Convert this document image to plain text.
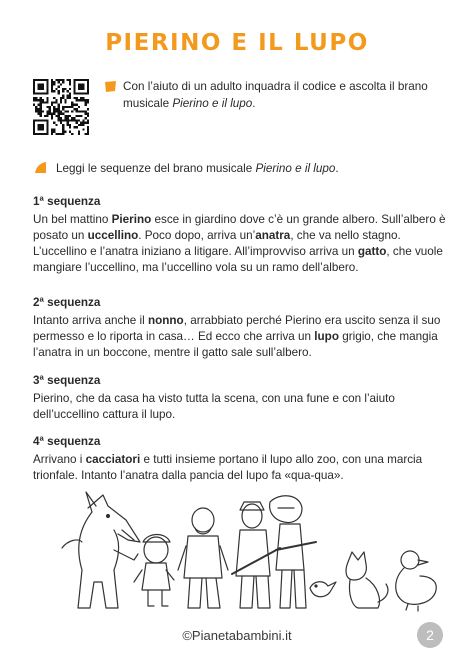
PIERINO E IL LUPO
Con l’aiuto di un adulto inquadra il codice e ascolta il brano musicale Pierino e il lupo.
Leggi le sequenze del brano musicale Pierino e il lupo.
1ª sequenza

Un bel mattino Pierino esce in giardino dove c’è un grande albero. Sull’albero è posato un uccellino. Poco dopo, arriva un’anatra, che va nello stagno. L’uccellino e l’anatra iniziano a litigare. All’improvviso arriva un gatto, che vuole mangiare l’uccellino, ma l’uccellino vola su un ramo dell’albero.

2ª sequenza

Intanto arriva anche il nonno, arrabbiato perché Pierino era uscito senza il suo permesso e lo riporta in casa… Ed ecco che arriva un lupo grigio, che mangia l’anatra in un boccone, mentre il gatto sale sull’albero.

3ª sequenza

Pierino, che da casa ha visto tutta la scena, con una fune e con l’aiuto dell’uccellino cattura il lupo.

4ª sequenza

Arrivano i cacciatori e tutti insieme portano il lupo allo zoo, con una marcia trionfale. Intanto l’anatra dalla pancia del lupo fa «qua-qua».

©Pianetabambini.it	2
